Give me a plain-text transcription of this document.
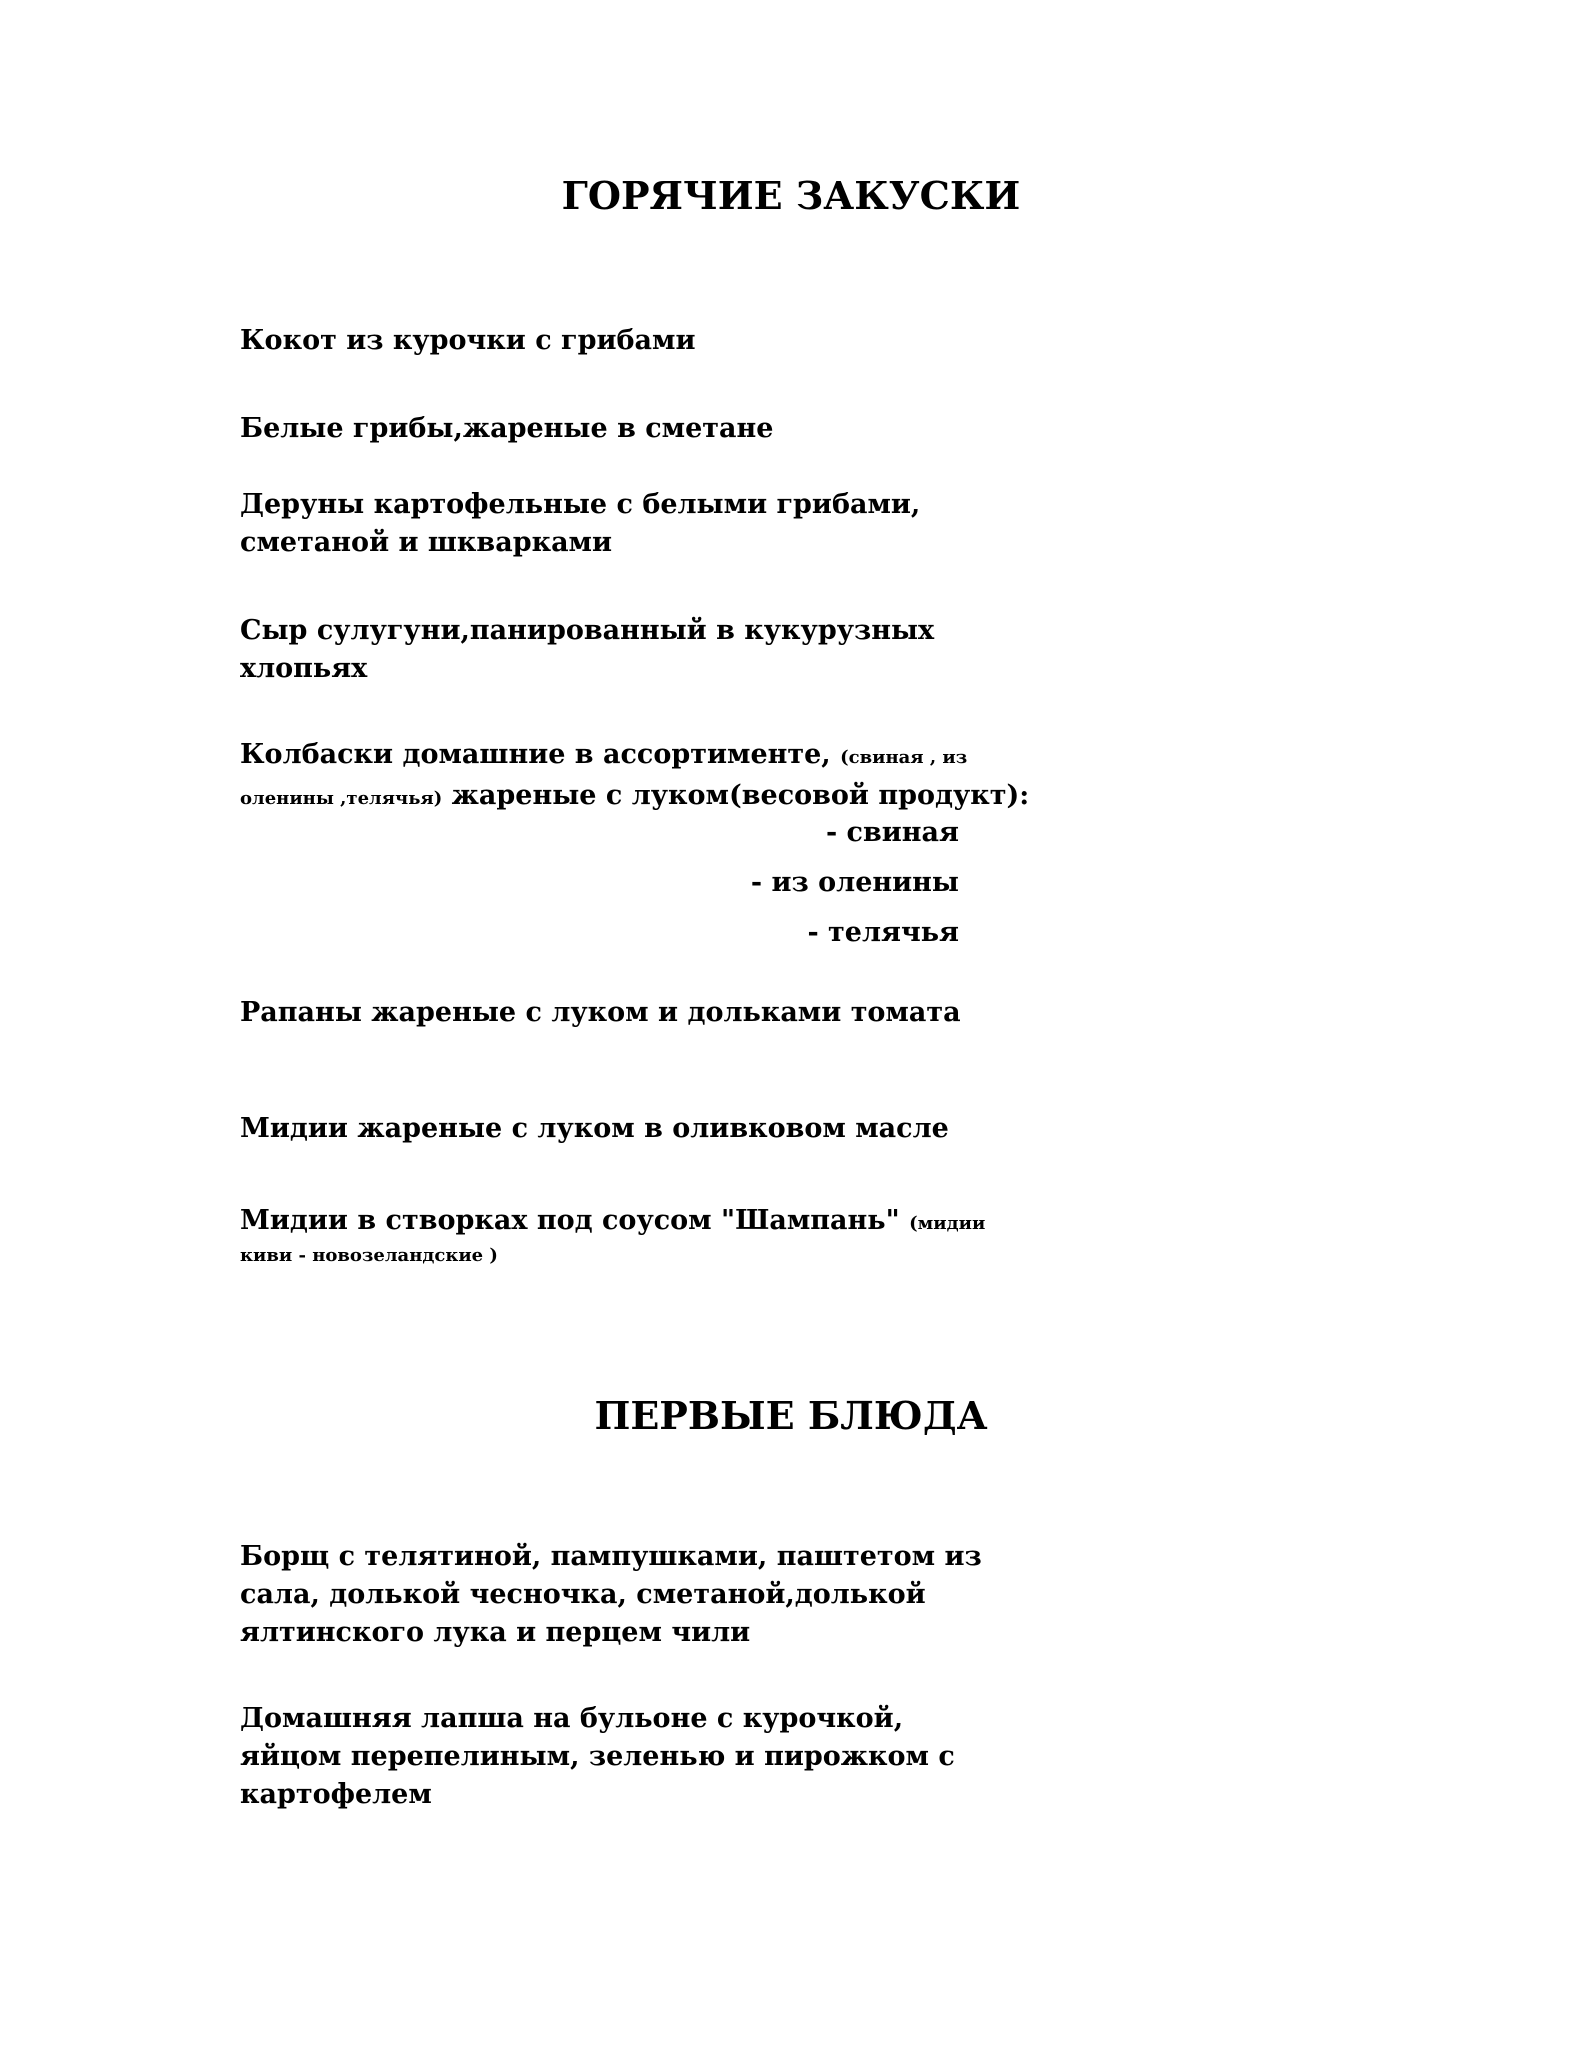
ГОРЯЧИЕ ЗАКУСКИ
Кокот из курочки с грибами
Белые грибы,жареные в сметане
Деруны картофельные с белыми грибами,
сметаной и шкварками
Сыр сулугуни,панированный в кукурузных
хлопьях
Колбаски домашние в ассортименте, (свиная , из
оленины ,телячья) жареные с луком(весовой продукт):
- свиная
- из оленины
- телячья
Рапаны жареные с луком и дольками томата
Мидии жареные с луком в оливковом масле
Мидии в створках под соусом "Шампань" (мидии
киви - новозеландские )
ПЕРВЫЕ БЛЮДА
Борщ с телятиной, пампушками, паштетом из
сала, долькой чесночка, сметаной,долькой
ялтинского лука и перцем чили
Домашняя лапша на бульоне с курочкой,
яйцом перепелиным, зеленью и пирожком с
картофелем
